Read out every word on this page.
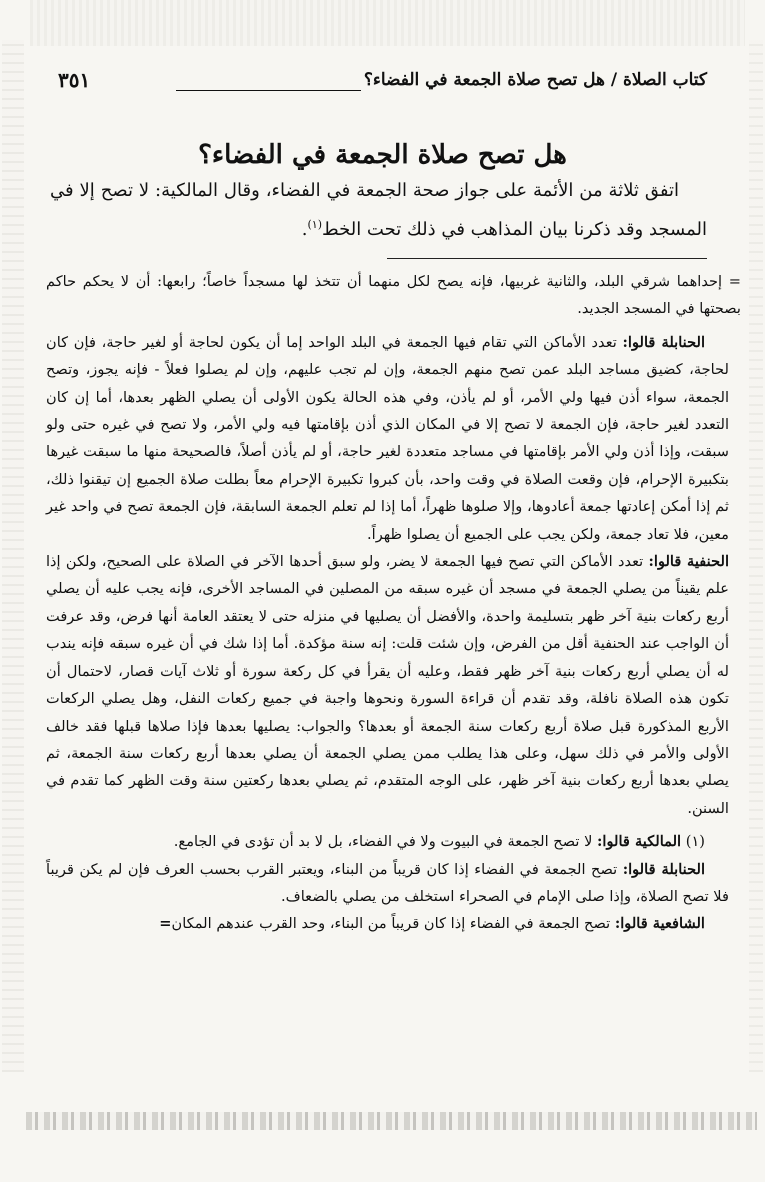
كتاب الصلاة / هل تصح صلاة الجمعة في الفضاء؟
٣٥١
هل تصح صلاة الجمعة في الفضاء؟

اتفق ثلاثة من الأئمة على جواز صحة الجمعة في الفضاء، وقال المالكية: لا تصح إلا في المسجد وقد ذكرنا بيان المذاهب في ذلك تحت الخط$^{(١)}$.

= إحداهما شرقي البلد، والثانية غربيها، فإنه يصح لكل منهما أن تتخذ لها مسجداً خاصاً؛ رابعها: أن لا يحكم حاكم بصحتها في المسجد الجديد.

الحنابلة قالوا: تعدد الأماكن التي تقام فيها الجمعة في البلد الواحد إما أن يكون لحاجة أو لغير حاجة، فإن كان لحاجة، كضيق مساجد البلد عمن تصح منهم الجمعة، وإن لم تجب عليهم، وإن لم يصلوا فعلاً - فإنه يجوز، وتصح الجمعة، سواء أذن فيها ولي الأمر، أو لم يأذن، وفي هذه الحالة يكون الأولى أن يصلي الظهر بعدها، أما إن كان التعدد لغير حاجة، فإن الجمعة لا تصح إلا في المكان الذي أذن بإقامتها فيه ولي الأمر، ولا تصح في غيره حتى ولو سبقت، وإذا أذن ولي الأمر بإقامتها في مساجد متعددة لغير حاجة، أو لم يأذن أصلاً، فالصحيحة منها ما سبقت غيرها بتكبيرة الإحرام، فإن وقعت الصلاة في وقت واحد، بأن كبروا تكبيرة الإحرام معاً بطلت صلاة الجميع إن تيقنوا ذلك، ثم إذا أمكن إعادتها جمعة أعادوها، وإلا صلوها ظهراً، أما إذا لم تعلم الجمعة السابقة، فإن الجمعة تصح في واحد غير معين، فلا تعاد جمعة، ولكن يجب على الجميع أن يصلوا ظهراً.

الحنفية قالوا: تعدد الأماكن التي تصح فيها الجمعة لا يضر، ولو سبق أحدها الآخر في الصلاة على الصحيح، ولكن إذا علم يقيناً من يصلي الجمعة في مسجد أن غيره سبقه من المصلين في المساجد الأخرى، فإنه يجب عليه أن يصلي أربع ركعات بنية آخر ظهر بتسليمة واحدة، والأفضل أن يصليها في منزله حتى لا يعتقد العامة أنها فرض، وقد عرفت أن الواجب عند الحنفية أقل من الفرض، وإن شئت قلت: إنه سنة مؤكدة. أما إذا شك في أن غيره سبقه فإنه يندب له أن يصلي أربع ركعات بنية آخر ظهر فقط، وعليه أن يقرأ في كل ركعة سورة أو ثلاث آيات قصار، لاحتمال أن تكون هذه الصلاة نافلة، وقد تقدم أن قراءة السورة ونحوها واجبة في جميع ركعات النفل، وهل يصلي الركعات الأربع المذكورة قبل صلاة أربع ركعات سنة الجمعة أو بعدها؟ والجواب: يصليها بعدها فإذا صلاها قبلها فقد خالف الأولى والأمر في ذلك سهل، وعلى هذا يطلب ممن يصلي الجمعة أن يصلي بعدها أربع ركعات سنة الجمعة، ثم يصلي بعدها أربع ركعات بنية آخر ظهر، على الوجه المتقدم، ثم يصلي بعدها ركعتين سنة وقت الظهر كما تقدم في السنن.

(١) المالكية قالوا: لا تصح الجمعة في البيوت ولا في الفضاء، بل لا بد أن تؤدى في الجامع.

الحنابلة قالوا: تصح الجمعة في الفضاء إذا كان قريباً من البناء، ويعتبر القرب بحسب العرف فإن لم يكن قريباً فلا تصح الصلاة، وإذا صلى الإمام في الصحراء استخلف من يصلي بالضعاف.

الشافعية قالوا: تصح الجمعة في الفضاء إذا كان قريباً من البناء، وحد القرب عندهم المكان=
